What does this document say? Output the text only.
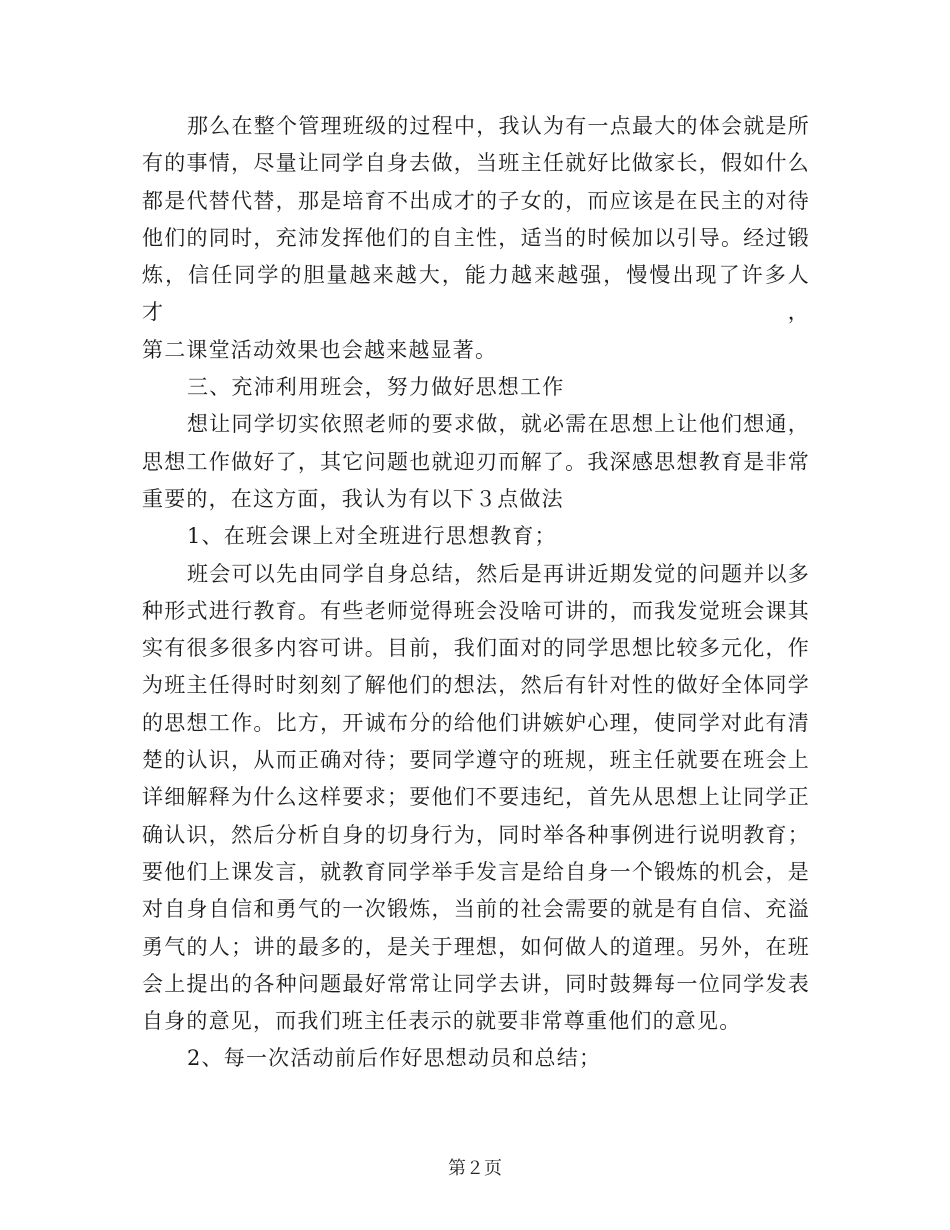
那么在整个管理班级的过程中，我认为有一点最大的体会就是所
有的事情，尽量让同学自身去做，当班主任就好比做家长，假如什么
都是代替代替，那是培育不出成才的子女的，而应该是在民主的对待
他们的同时，充沛发挥他们的自主性，适当的时候加以引导。经过锻
炼，信任同学的胆量越来越大，能力越来越强，慢慢出现了许多人才，
第二课堂活动效果也会越来越显著。
三、充沛利用班会，努力做好思想工作
想让同学切实依照老师的要求做，就必需在思想上让他们想通，
思想工作做好了，其它问题也就迎刃而解了。我深感思想教育是非常
重要的，在这方面，我认为有以下３点做法
1、在班会课上对全班进行思想教育；
班会可以先由同学自身总结，然后是再讲近期发觉的问题并以多
种形式进行教育。有些老师觉得班会没啥可讲的，而我发觉班会课其
实有很多很多内容可讲。目前，我们面对的同学思想比较多元化，作
为班主任得时时刻刻了解他们的想法，然后有针对性的做好全体同学
的思想工作。比方，开诚布分的给他们讲嫉妒心理，使同学对此有清
楚的认识，从而正确对待；要同学遵守的班规，班主任就要在班会上
详细解释为什么这样要求；要他们不要违纪，首先从思想上让同学正
确认识，然后分析自身的切身行为，同时举各种事例进行说明教育；
要他们上课发言，就教育同学举手发言是给自身一个锻炼的机会，是
对自身自信和勇气的一次锻炼，当前的社会需要的就是有自信、充溢
勇气的人；讲的最多的，是关于理想，如何做人的道理。另外，在班
会上提出的各种问题最好常常让同学去讲，同时鼓舞每一位同学发表
自身的意见，而我们班主任表示的就要非常尊重他们的意见。
2、每一次活动前后作好思想动员和总结；
第２页
